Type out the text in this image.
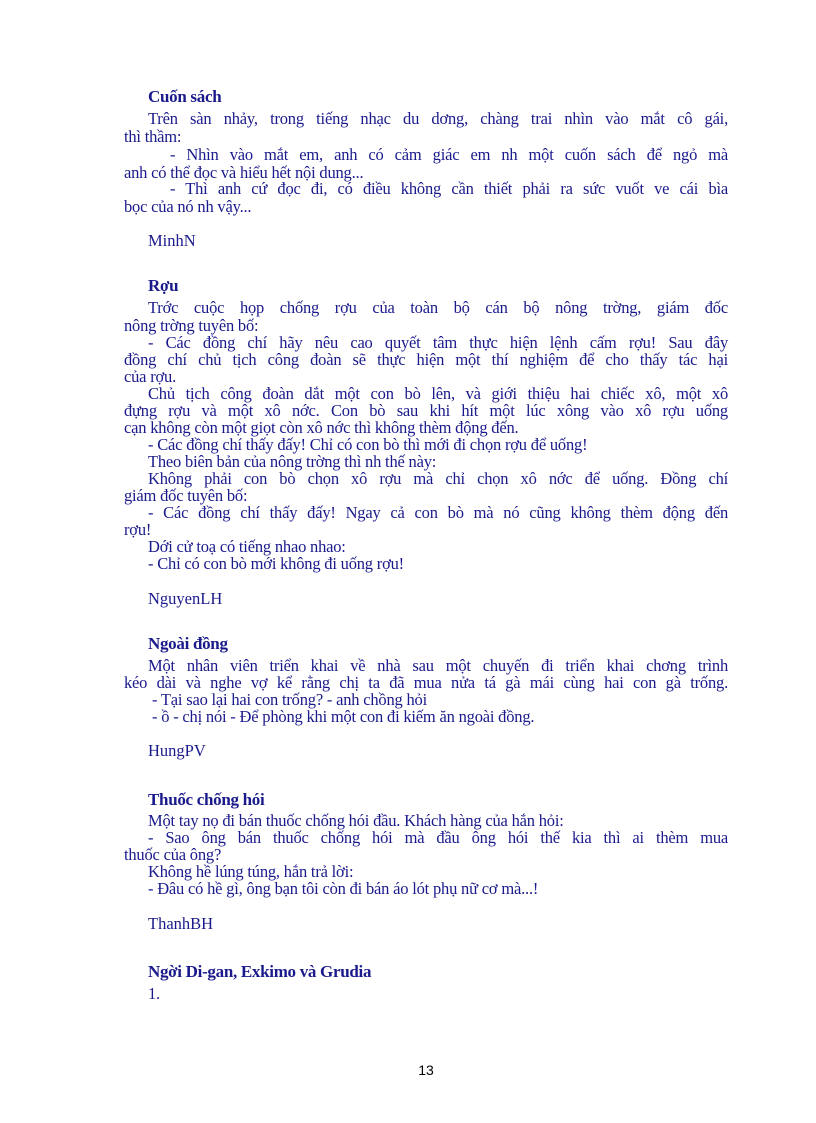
Cuốn sách
Trên sàn nhảy, trong tiếng nhạc du dơng, chàng trai nhìn vào mắt cô gái,
thì thầm:
- Nhìn vào mắt em, anh có cảm giác em nh một cuốn sách để ngỏ mà
anh có thể đọc và hiểu hết nội dung...
- Thì anh cứ đọc đi, có điều không cần thiết phải ra sức vuốt ve cái bìa
bọc của nó nh vậy...
MinhN
Rợu
Trớc cuộc họp chống rợu của toàn bộ cán bộ nông trờng, giám đốc
nông trờng tuyên bố:
- Các đồng chí hãy nêu cao quyết tâm thực hiện lệnh cấm rợu! Sau đây
đồng chí chủ tịch công đoàn sẽ thực hiện một thí nghiệm để cho thấy tác hại
của rợu.
Chủ tịch công đoàn dắt một con bò lên, và giới thiệu hai chiếc xô, một xô
đựng rợu và một xô nớc. Con bò sau khi hít một lúc xông vào xô rợu uống
cạn không còn một giọt còn xô nớc thì không thèm động đến.
- Các đồng chí thấy đấy! Chỉ có con bò thì mới đi chọn rợu để uống!
Theo biên bản của nông trờng thì nh thế này:
Không phải con bò chọn xô rợu mà chỉ chọn xô nớc để uống. Đồng chí
giám đốc tuyên bố:
- Các đồng chí thấy đấy! Ngay cả con bò mà nó cũng không thèm động đến
rợu!
Dới cử toạ có tiếng nhao nhao:
- Chỉ có con bò mới không đi uống rợu!
NguyenLH
Ngoài đồng
Một nhân viên triển khai về nhà sau một chuyến đi triển khai chơng trình
kéo dài và nghe vợ kể rằng chị ta đã mua nửa tá gà mái cùng hai con gà trống.
- Tại sao lại hai con trống? - anh chồng hỏi
- ồ - chị nói - Để phòng khi một con đi kiếm ăn ngoài đồng.
HungPV
Thuốc chống hói
Một tay nọ đi bán thuốc chống hói đầu. Khách hàng của hắn hỏi:
- Sao ông bán thuốc chống hói mà đầu ông hói thế kia thì ai thèm mua
thuốc của ông?
Không hề lúng túng, hắn trả lời:
- Đâu có hề gì, ông bạn tôi còn đi bán áo lót phụ nữ cơ mà...!
ThanhBH
Ngời Di-gan, Exkimo và Grudia
1.
13
